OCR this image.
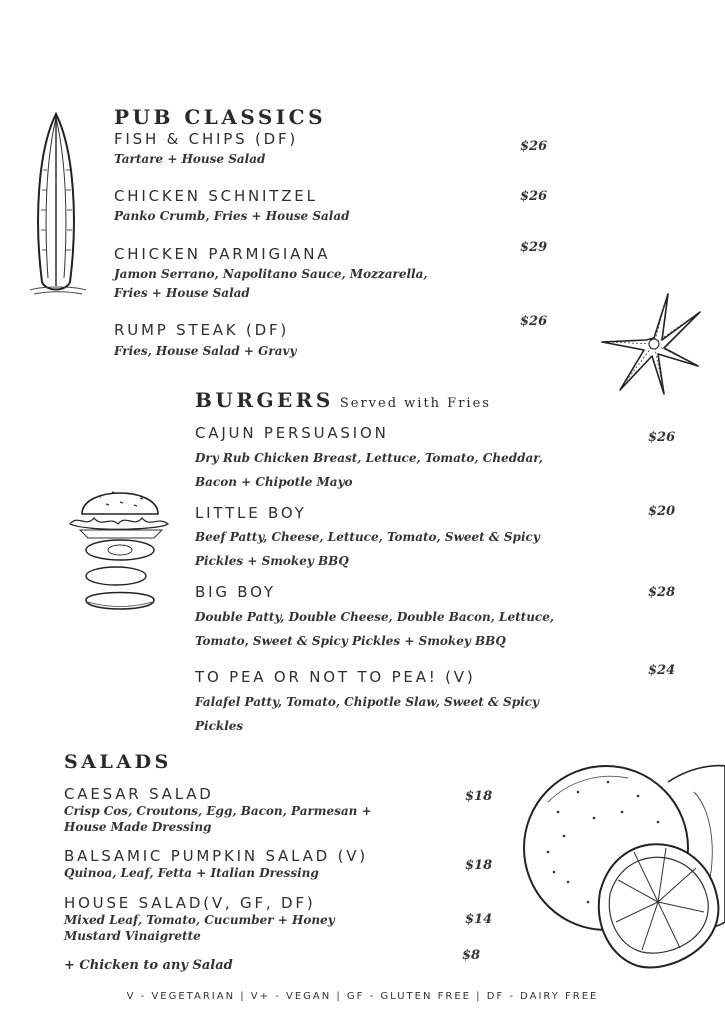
PUB CLASSICS
FISH & CHIPS (DF)
Tartare + House Salad
$26
CHICKEN SCHNITZEL
Panko Crumb, Fries + House Salad
$26
CHICKEN PARMIGIANA
Jamon Serrano, Napolitano Sauce, Mozzarella, Fries + House Salad
$29
RUMP STEAK (DF)
Fries, House Salad + Gravy
$26
BURGERS Served with Fries
CAJUN PERSUASION
Dry Rub Chicken Breast, Lettuce, Tomato, Cheddar, Bacon + Chipotle Mayo
$26
LITTLE BOY
Beef Patty, Cheese, Lettuce, Tomato, Sweet & Spicy Pickles + Smokey BBQ
$20
BIG BOY
Double Patty, Double Cheese, Double Bacon, Lettuce, Tomato, Sweet & Spicy Pickles + Smokey BBQ
$28
TO PEA OR NOT TO PEA! (V)
Falafel Patty, Tomato, Chipotle Slaw, Sweet & Spicy Pickles
$24
SALADS
CAESAR SALAD
Crisp Cos, Croutons, Egg, Bacon, Parmesan + House Made Dressing
$18
BALSAMIC PUMPKIN SALAD (V)
Quinoa, Leaf, Fetta + Italian Dressing	$18
HOUSE SALAD(V, GF, DF)
Mixed Leaf, Tomato, Cucumber + Honey Mustard Vinaigrette
$14
+ Chicken to any Salad
$8
V - VEGETARIAN | V+ - VEGAN | GF - GLUTEN FREE | DF - DAIRY FREE
